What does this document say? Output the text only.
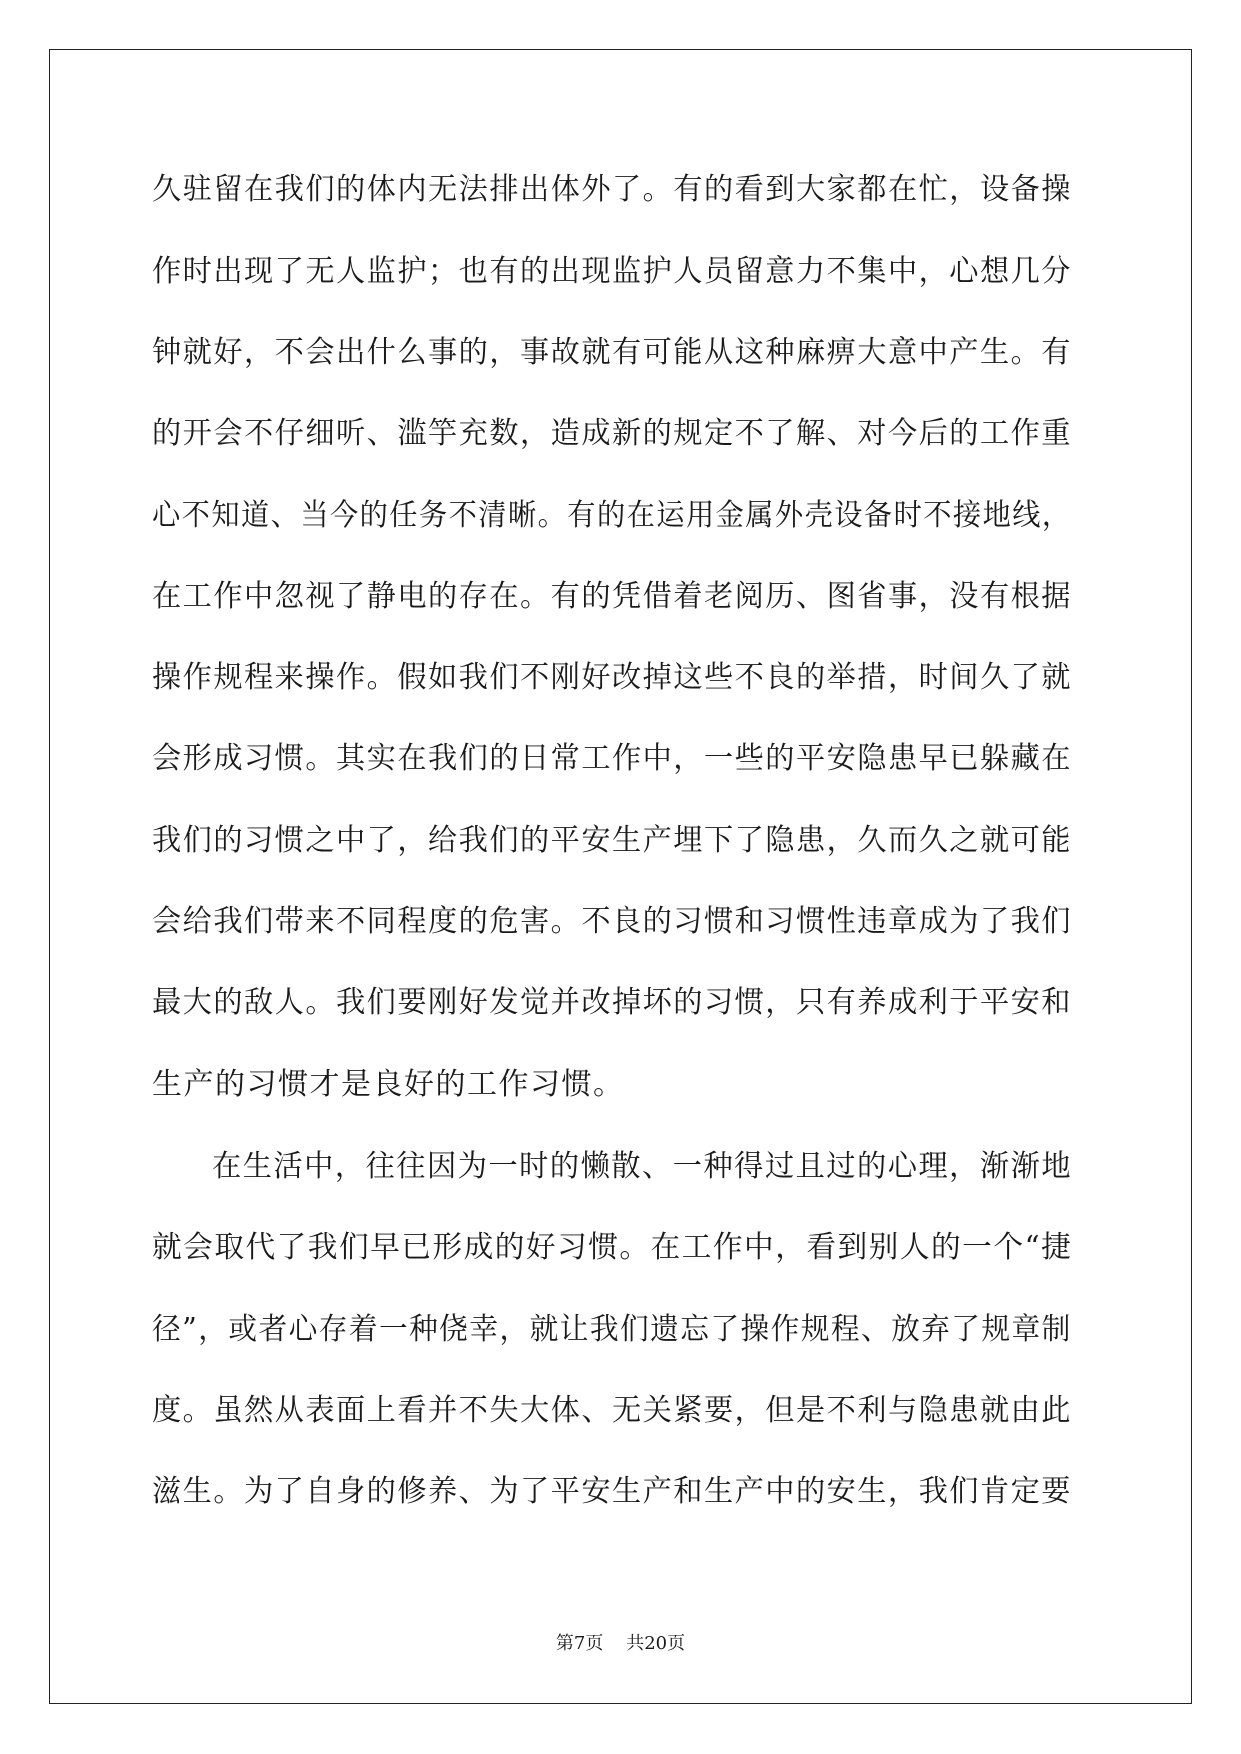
久驻留在我们的体内无法排出体外了。有的看到大家都在忙，设备操

作时出现了无人监护；也有的出现监护人员留意力不集中，心想几分

钟就好，不会出什么事的，事故就有可能从这种麻痹大意中产生。有

的开会不仔细听、滥竽充数，造成新的规定不了解、对今后的工作重

心不知道、当今的任务不清晰。有的在运用金属外壳设备时不接地线，

在工作中忽视了静电的存在。有的凭借着老阅历、图省事，没有根据

操作规程来操作。假如我们不刚好改掉这些不良的举措，时间久了就

会形成习惯。其实在我们的日常工作中，一些的平安隐患早已躲藏在

我们的习惯之中了，给我们的平安生产埋下了隐患，久而久之就可能

会给我们带来不同程度的危害。不良的习惯和习惯性违章成为了我们

最大的敌人。我们要刚好发觉并改掉坏的习惯，只有养成利于平安和

生产的习惯才是良好的工作习惯。

在生活中，往往因为一时的懒散、一种得过且过的心理，渐渐地

就会取代了我们早已形成的好习惯。在工作中，看到别人的一个“捷

径”，或者心存着一种侥幸，就让我们遗忘了操作规程、放弃了规章制

度。虽然从表面上看并不失大体、无关紧要，但是不利与隐患就由此

滋生。为了自身的修养、为了平安生产和生产中的安生，我们肯定要

第7页    共20页
